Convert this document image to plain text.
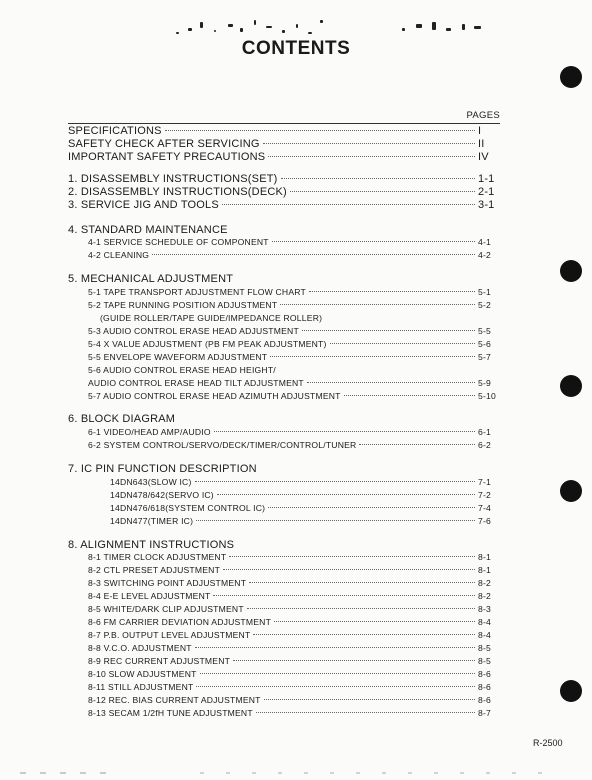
CONTENTS
PAGES
SPECIFICATIONS	I
SAFETY CHECK AFTER SERVICING	II
IMPORTANT SAFETY PRECAUTIONS	IV
1. DISASSEMBLY INSTRUCTIONS(SET)	1-1
2. DISASSEMBLY INSTRUCTIONS(DECK)	2-1
3. SERVICE JIG AND TOOLS	3-1
4. STANDARD MAINTENANCE
4-1 SERVICE SCHEDULE OF COMPONENT	4-1
4-2 CLEANING	4-2
5. MECHANICAL ADJUSTMENT
5-1 TAPE TRANSPORT ADJUSTMENT FLOW CHART	5-1
5-2 TAPE RUNNING POSITION ADJUSTMENT	5-2
(GUIDE ROLLER/TAPE GUIDE/IMPEDANCE ROLLER)
5-3 AUDIO CONTROL ERASE HEAD ADJUSTMENT	5-5
5-4 X VALUE ADJUSTMENT (PB FM PEAK ADJUSTMENT)	5-6
5-5 ENVELOPE WAVEFORM ADJUSTMENT	5-7
5-6 AUDIO CONTROL ERASE HEAD HEIGHT/
AUDIO CONTROL ERASE HEAD TILT ADJUSTMENT	5-9
5-7 AUDIO CONTROL ERASE HEAD AZIMUTH ADJUSTMENT	5-10
6. BLOCK DIAGRAM
6-1 VIDEO/HEAD AMP/AUDIO	6-1
6-2 SYSTEM CONTROL/SERVO/DECK/TIMER/CONTROL/TUNER	6-2
7. IC PIN FUNCTION DESCRIPTION
14DN643(SLOW IC)	7-1
14DN478/642(SERVO IC)	7-2
14DN476/618(SYSTEM CONTROL IC)	7-4
14DN477(TIMER IC)	7-6
8. ALIGNMENT INSTRUCTIONS
8-1 TIMER CLOCK ADJUSTMENT	8-1
8-2 CTL PRESET ADJUSTMENT	8-1
8-3 SWITCHING POINT ADJUSTMENT	8-2
8-4 E-E LEVEL ADJUSTMENT	8-2
8-5 WHITE/DARK CLIP ADJUSTMENT	8-3
8-6 FM CARRIER DEVIATION ADJUSTMENT	8-4
8-7 P.B. OUTPUT LEVEL ADJUSTMENT	8-4
8-8 V.C.O. ADJUSTMENT	8-5
8-9 REC CURRENT ADJUSTMENT	8-5
8-10 SLOW ADJUSTMENT	8-6
8-11 STILL ADJUSTMENT	8-6
8-12 REC. BIAS CURRENT ADJUSTMENT	8-6
8-13 SECAM 1/2fH TUNE ADJUSTMENT	8-7
R-2500
